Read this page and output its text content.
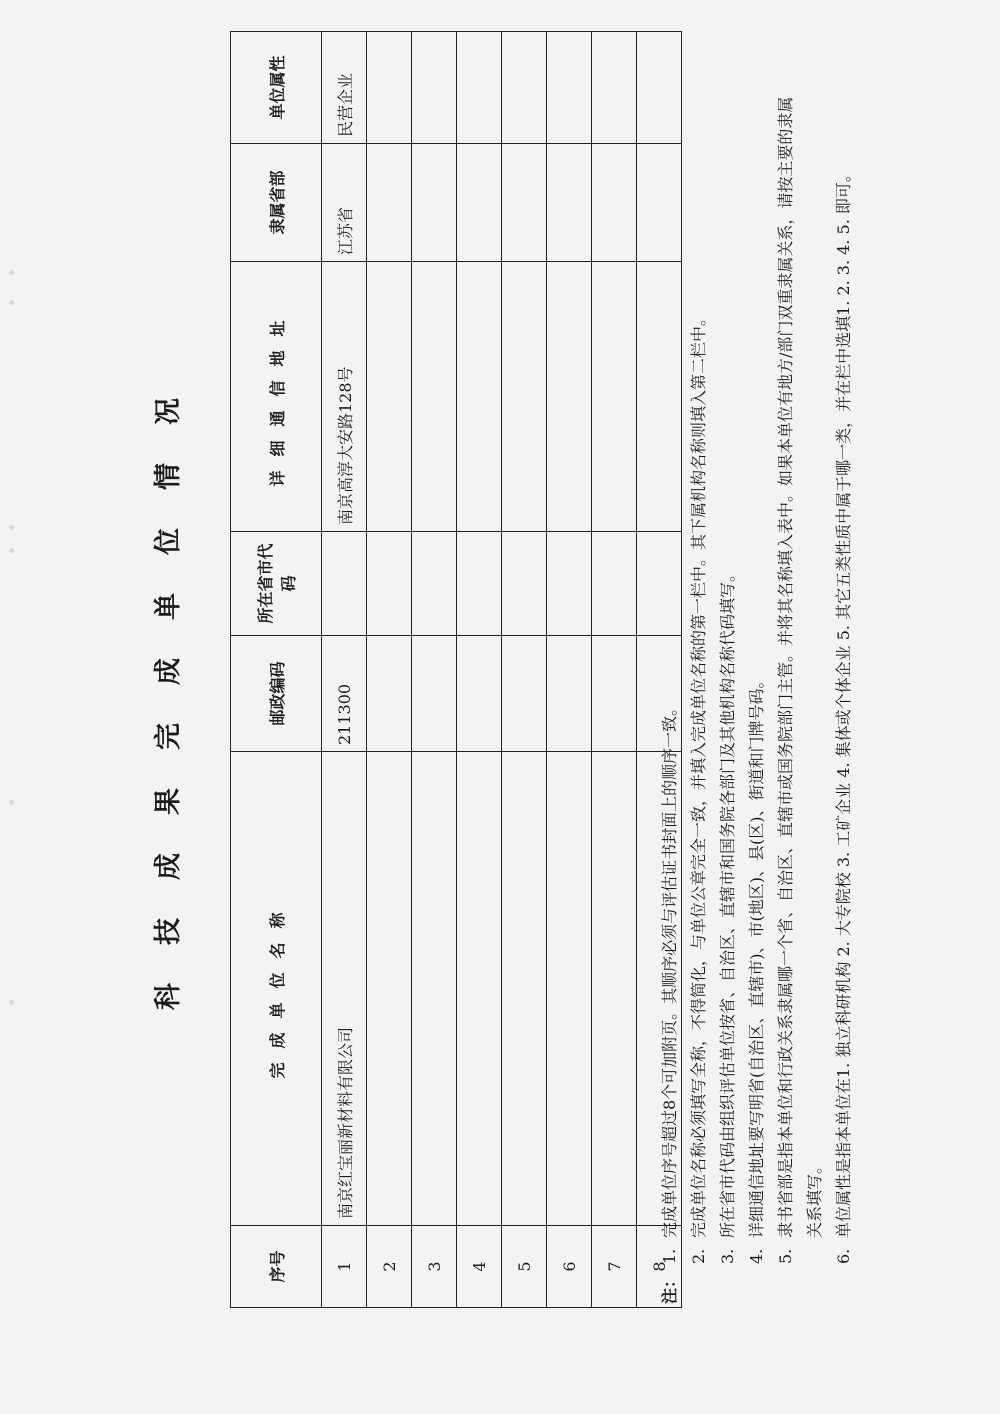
科技成果完成单位情况
序号	完成单位名称	邮政编码	所在省市代码	详细通信地址	隶属省部	单位属性
1	南京红宝丽新材料有限公司	211300		南京高淳大安路128号	江苏省	民营企业
2						
3						
4						
5						
6						
7						
8						
注：
1.
完成单位序号超过8个可加附页。其顺序必须与评估证书封面上的顺序一致。
2.
完成单位名称必须填写全称，不得简化，与单位公章完全一致，并填入完成单位名称的第一栏中。其下属机构名称则填入第二栏中。
3.
所在省市代码由组织评估单位按省、自治区、直辖市和国务院各部门及其他机构名称代码填写。
4.
详细通信地址要写明省(自治区、直辖市)、市(地区)、县(区)、街道和门牌号码。
5.
隶书省部是指本单位和行政关系隶属哪一个省、自治区、直辖市或国务院部门主管。并将其名称填入表中。如果本单位有地方/部门双重隶属关系，请按主要的隶属关系填写。
6.
单位属性是指本单位在1. 独立科研机构 2. 大专院校 3. 工矿企业 4. 集体或个体企业 5. 其它五类性质中属于哪一类，并在栏中选填1. 2. 3. 4. 5. 即可。
